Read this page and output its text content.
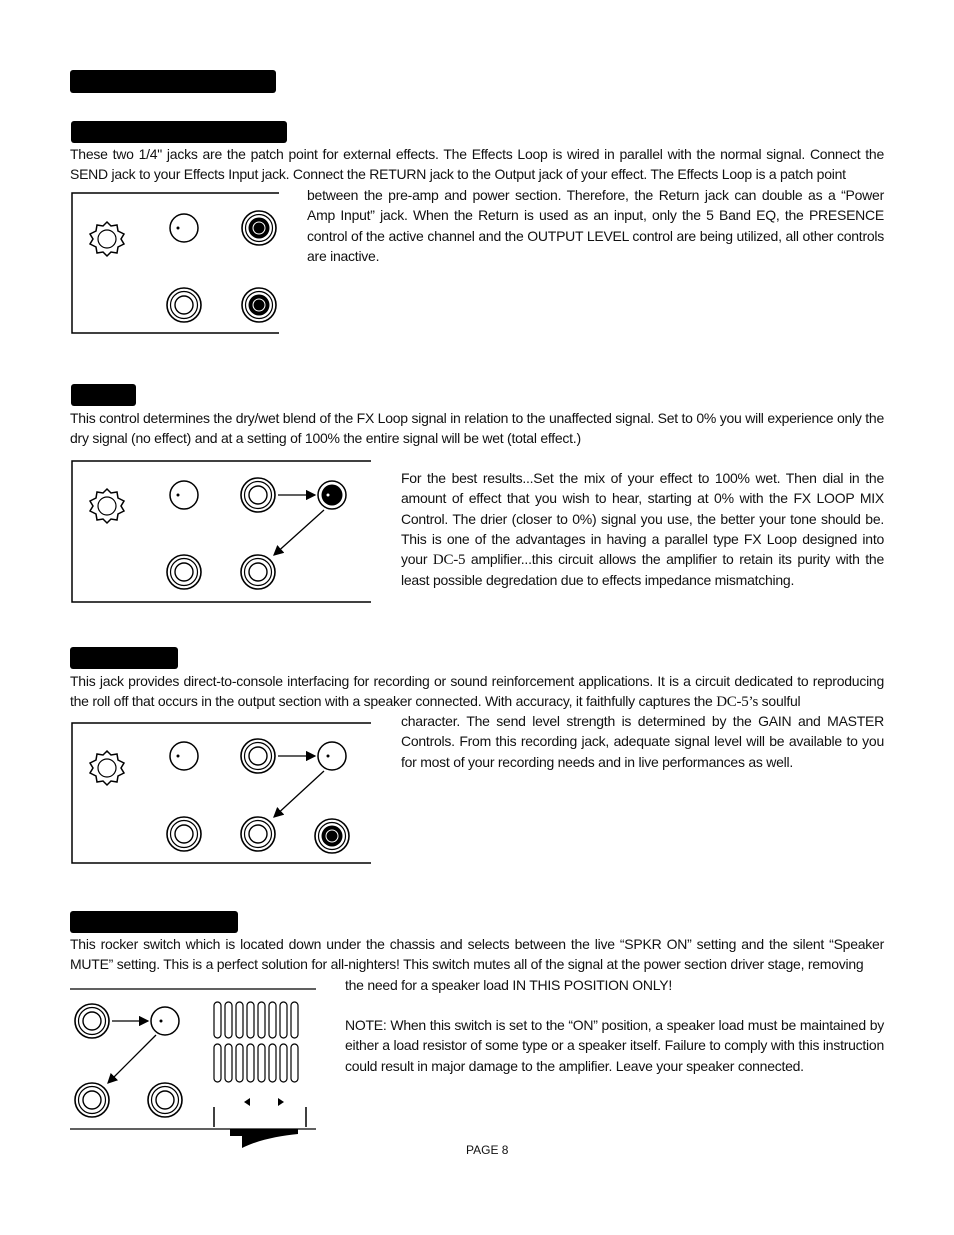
These two 1/4" jacks are the patch point for external effects. The Effects Loop is wired in parallel with the normal signal. Connect the SEND jack to your Effects Input jack. Connect the RETURN jack to the Output jack of your effect. The Effects Loop is a patch point
between the pre-amp and power section. Therefore, the Return jack can double as a “Power Amp Input” jack. When the Return is used as an input, only the 5 Band EQ, the PRESENCE control of the active channel and the OUTPUT LEVEL control are being utilized, all other controls are inactive.
This control determines the dry/wet blend of the FX Loop signal in relation to the unaffected signal. Set to 0% you will experience only the dry signal (no effect) and at a setting of 100% the entire signal will be wet (total effect.)
For the best results...Set the mix of your effect to 100% wet. Then dial in the amount of effect that you wish to hear, starting at 0% with the FX LOOP MIX Control. The drier (closer to 0%) signal you use, the better your tone should be. This is one of the advantages in having a parallel type FX Loop designed into your DC-5 amplifier...this circuit allows the amplifier to retain its purity with the least possible degredation due to effects impedance mismatching.
This jack provides direct-to-console interfacing for recording or sound reinforcement applications. It is a circuit dedicated to reproducing the roll off that occurs in the output section with a speaker connected. With accuracy, it faithfully captures the DC-5’s soulful
character. The send level strength is determined by the GAIN and MASTER Controls. From this recording jack, adequate signal level will be available to you for most of your recording needs and in live performances as well.
This rocker switch which is located down under the chassis and selects between the live “SPKR ON” setting and the silent “Speaker MUTE” setting. This is a perfect solution for all-nighters! This switch mutes all of the signal at the power section driver stage, removing
the need for a speaker load IN THIS POSITION ONLY!
NOTE: When this switch is set to the “ON” position, a speaker load must be maintained by either a load resistor of some type or a speaker itself. Failure to comply with this instruction could result in major damage to the amplifier. Leave your speaker connected.
PAGE 8
